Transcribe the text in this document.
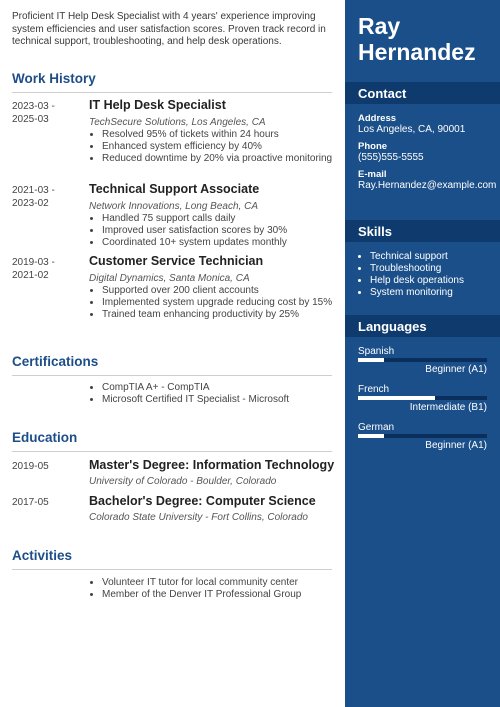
Proficient IT Help Desk Specialist with 4 years' experience improving system efficiencies and user satisfaction scores. Proven track record in technical support, troubleshooting, and help desk operations.
Work History
2023-03 -
2025-03
IT Help Desk Specialist
TechSecure Solutions, Los Angeles, CA
• Resolved 95% of tickets within 24 hours
• Enhanced system efficiency by 40%
• Reduced downtime by 20% via proactive monitoring
2021-03 -
2023-02
Technical Support Associate
Network Innovations, Long Beach, CA
• Handled 75 support calls daily
• Improved user satisfaction scores by 30%
• Coordinated 10+ system updates monthly
2019-03 -
2021-02
Customer Service Technician
Digital Dynamics, Santa Monica, CA
• Supported over 200 client accounts
• Implemented system upgrade reducing cost by 15%
• Trained team enhancing productivity by 25%
Certifications
• CompTIA A+ - CompTIA
• Microsoft Certified IT Specialist - Microsoft
Education
2019-05	Master's Degree: Information Technology
University of Colorado - Boulder, Colorado
2017-05	Bachelor's Degree: Computer Science
Colorado State University - Fort Collins, Colorado
Activities
• Volunteer IT tutor for local community center
• Member of the Denver IT Professional Group
Ray
Hernandez
Contact
Address
Los Angeles, CA, 90001
Phone
(555)555-5555
E-mail
Ray.Hernandez@example.com
Skills
• Technical support
• Troubleshooting
• Help desk operations
• System monitoring
Languages
Spanish
Beginner (A1)
French
Intermediate (B1)
German
Beginner (A1)
